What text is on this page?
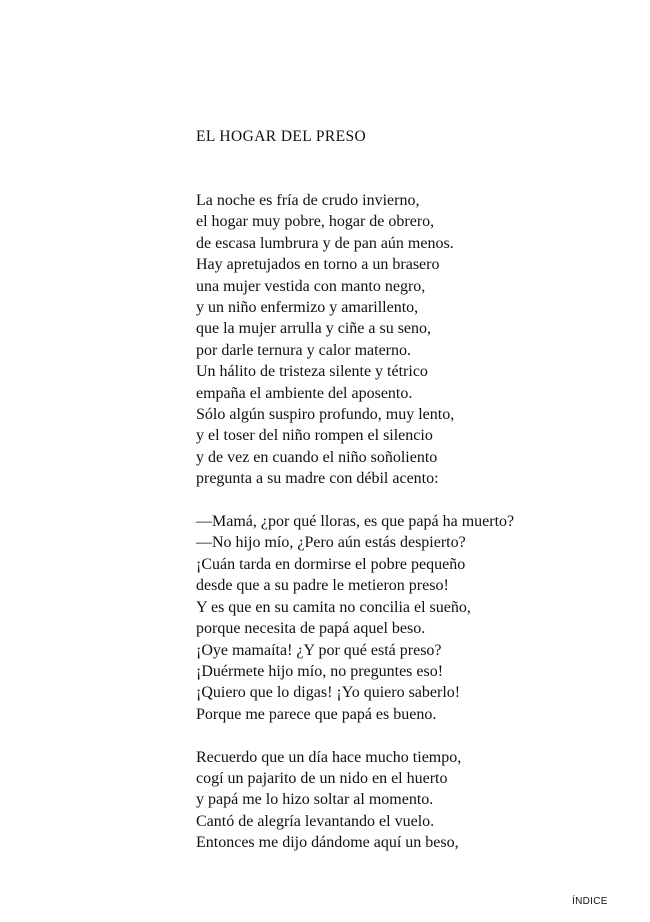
EL HOGAR DEL PRESO
La noche es fría de crudo invierno,
el hogar muy pobre, hogar de obrero,
de escasa lumbrura y de pan aún menos.
Hay apretujados en torno a un brasero
una mujer vestida con manto negro,
y un niño enfermizo y amarillento,
que la mujer arrulla y ciñe a su seno,
por darle ternura y calor materno.
Un hálito de tristeza silente y tétrico
empaña el ambiente del aposento.
Sólo algún suspiro profundo, muy lento,
y el toser del niño rompen el silencio
y de vez en cuando el niño soñoliento
pregunta a su madre con débil acento:
—Mamá, ¿por qué lloras, es que papá ha muerto?
—No hijo mío, ¿Pero aún estás despierto?
¡Cuán tarda en dormirse el pobre pequeño
desde que a su padre le metieron preso!
Y es que en su camita no concilia el sueño,
porque necesita de papá aquel beso.
¡Oye mamaíta! ¿Y por qué está preso?
¡Duérmete hijo mío, no preguntes eso!
¡Quiero que lo digas! ¡Yo quiero saberlo!
Porque me parece que papá es bueno.
Recuerdo que un día hace mucho tiempo,
cogí un pajarito de un nido en el huerto
y papá me lo hizo soltar al momento.
Cantó de alegría levantando el vuelo.
Entonces me dijo dándome aquí un beso,
ÍNDICE
